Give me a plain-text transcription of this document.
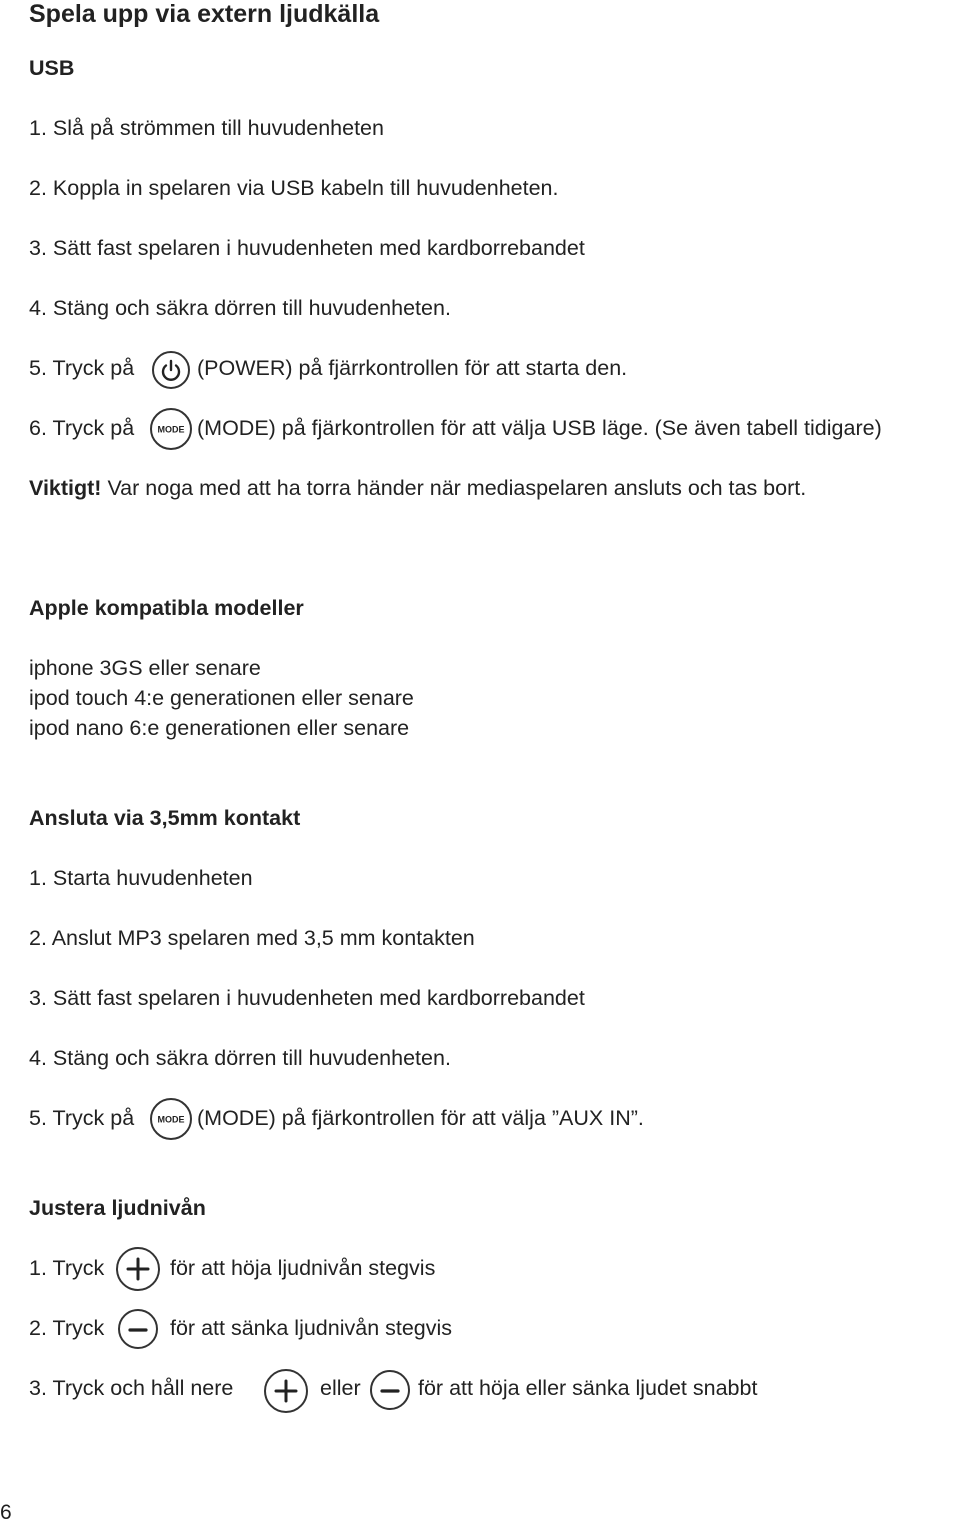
Spela upp via extern ljudkälla
USB
1. Slå på strömmen till huvudenheten
2. Koppla in spelaren via USB kabeln till huvudenheten.
3. Sätt fast spelaren i huvudenheten med kardborrebandet
4. Stäng och säkra dörren till huvudenheten.
5. Tryck på	(POWER) på fjärrkontrollen för att starta den.
6. Tryck på	MODE (MODE) på fjärkontrollen för att välja USB läge. (Se även tabell tidigare)
Viktigt! Var noga med att ha torra händer när mediaspelaren ansluts och tas bort.
Apple kompatibla modeller
iphone 3GS eller senare
ipod touch 4:e generationen eller senare
ipod nano 6:e generationen eller senare
Ansluta via 3,5mm kontakt
1. Starta huvudenheten
2. Anslut MP3 spelaren med 3,5 mm kontakten
3. Sätt fast spelaren i huvudenheten med kardborrebandet
4. Stäng och säkra dörren till huvudenheten.
5. Tryck på	MODE (MODE) på fjärkontrollen för att välja ”AUX IN”.
Justera ljudnivån
1. Tryck	för att höja ljudnivån stegvis
2. Tryck	för att sänka ljudnivån stegvis
3. Tryck och håll nere	eller	för att höja eller sänka ljudet snabbt
6
